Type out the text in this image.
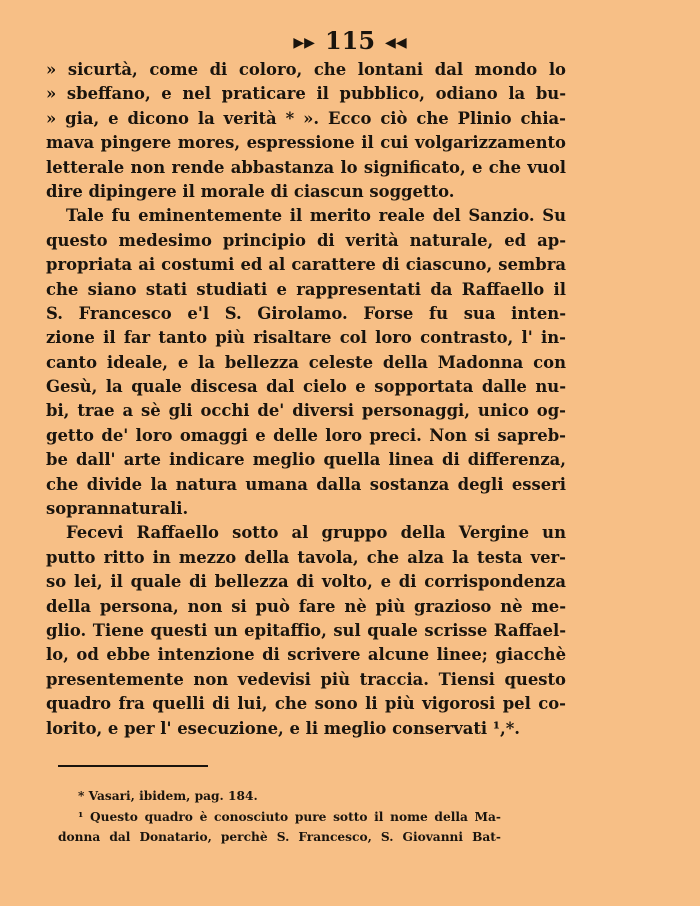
▶▶ 115 ◀◀
» sicurtà, come di coloro, che lontani dal mondo lo
» sbeffano, e nel praticare il pubblico, odiano la bu-
» gia, e dicono la verità * ». Ecco ciò che Plinio chia-
mava pingere mores, espressione il cui volgarizzamento
letterale non rende abbastanza lo significato, e che vuol
dire dipingere il morale di ciascun soggetto.
Tale fu eminentemente il merito reale del Sanzio. Su
questo medesimo principio di verità naturale, ed ap-
propriata ai costumi ed al carattere di ciascuno, sembra
che siano stati studiati e rappresentati da Raffaello il
S. Francesco e'l S. Girolamo. Forse fu sua inten-
zione il far tanto più risaltare col loro contrasto, l' in-
canto ideale, e la bellezza celeste della Madonna con
Gesù, la quale discesa dal cielo e sopportata dalle nu-
bi, trae a sè gli occhi de' diversi personaggi, unico og-
getto de' loro omaggi e delle loro preci. Non si sapreb-
be dall' arte indicare meglio quella linea di differenza,
che divide la natura umana dalla sostanza degli esseri
soprannaturali.
Fecevi Raffaello sotto al gruppo della Vergine un
putto ritto in mezzo della tavola, che alza la testa ver-
so lei, il quale di bellezza di volto, e di corrispondenza
della persona, non si può fare nè più grazioso nè me-
glio. Tiene questi un epitaffio, sul quale scrisse Raffael-
lo, od ebbe intenzione di scrivere alcune linee; giacchè
presentemente non vedevisi più traccia. Tiensi questo
quadro fra quelli di lui, che sono li più vigorosi pel co-
lorito, e per l' esecuzione, e li meglio conservati ¹,*.
* Vasari, ibidem, pag. 184.
¹ Questo quadro è conosciuto pure sotto il nome della Ma-
donna dal Donatario, perchè S. Francesco, S. Giovanni Bat-
